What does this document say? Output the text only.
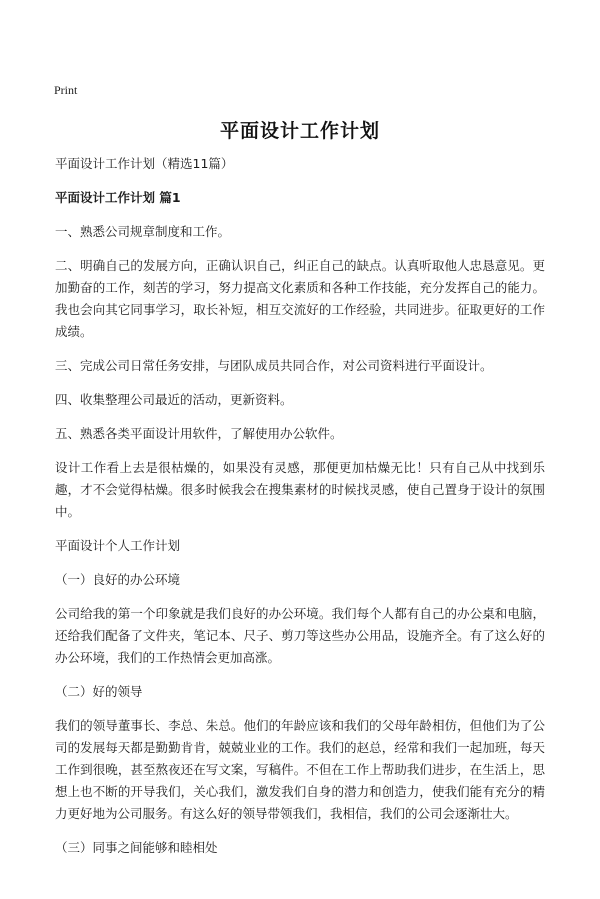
Print
平面设计工作计划

平面设计工作计划（精选11篇）

平面设计工作计划 篇1

一、熟悉公司规章制度和工作。

二、明确自己的发展方向，正确认识自己，纠正自己的缺点。认真听取他人忠恳意见。更加勤奋的工作，刻苦的学习，努力提高文化素质和各种工作技能，充分发挥自己的能力。我也会向其它同事学习，取长补短，相互交流好的工作经验，共同进步。征取更好的工作成绩。

三、完成公司日常任务安排，与团队成员共同合作，对公司资料进行平面设计。

四、收集整理公司最近的活动，更新资料。

五、熟悉各类平面设计用软件，了解使用办公软件。

设计工作看上去是很枯燥的，如果没有灵感，那便更加枯燥无比！只有自己从中找到乐趣，才不会觉得枯燥。很多时候我会在搜集素材的时候找灵感，使自己置身于设计的氛围中。

平面设计个人工作计划

（一）良好的办公环境

公司给我的第一个印象就是我们良好的办公环境。我们每个人都有自己的办公桌和电脑，还给我们配备了文件夹，笔记本、尺子、剪刀等这些办公用品，设施齐全。有了这么好的办公环境，我们的工作热情会更加高涨。

（二）好的领导

我们的领导董事长、李总、朱总。他们的年龄应该和我们的父母年龄相仿，但他们为了公司的发展每天都是勤勤肯肯，兢兢业业的工作。我们的赵总，经常和我们一起加班，每天工作到很晚，甚至熬夜还在写文案，写稿件。不但在工作上帮助我们进步，在生活上，思想上也不断的开导我们，关心我们，激发我们自身的潜力和创造力，使我们能有充分的精力更好地为公司服务。有这么好的领导带领我们，我相信，我们的公司会逐渐壮大。

（三）同事之间能够和睦相处
